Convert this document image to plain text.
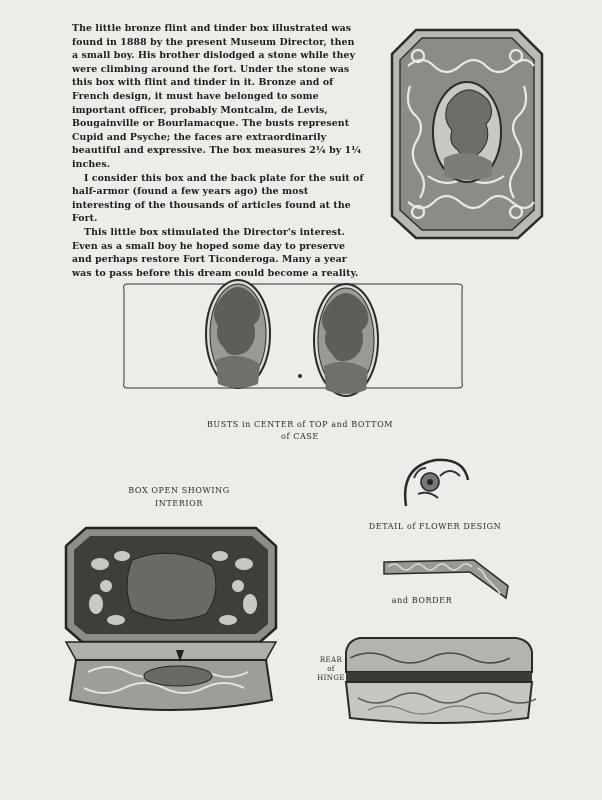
The little bronze flint and tinder box illustrated was found in 1888 by the present Museum Director, then a small boy. His brother dislodged a stone while they were climbing around the fort. Under the stone was this box with flint and tinder in it. Bronze and of French design, it must have belonged to some important officer, probably Montcalm, de Levis, Bougainville or Bourlamacque. The busts represent Cupid and Psyche; the faces are extraordinarily beautiful and expressive. The box measures 2¼ by 1¼ inches.

I consider this box and the back plate for the suit of half-armor (found a few years ago) the most interesting of the thousands of articles found at the Fort.

This little box stimulated the Director's interest. Even as a small boy he hoped some day to preserve and perhaps restore Fort Ticonderoga. Many a year was to pass before this dream could become a reality.

BUSTS in CENTER of TOP and BOTTOM
of CASE
DETAIL of FLOWER DESIGN
and BORDER
BOX OPEN SHOWING
INTERIOR
REAR
of
HINGE
